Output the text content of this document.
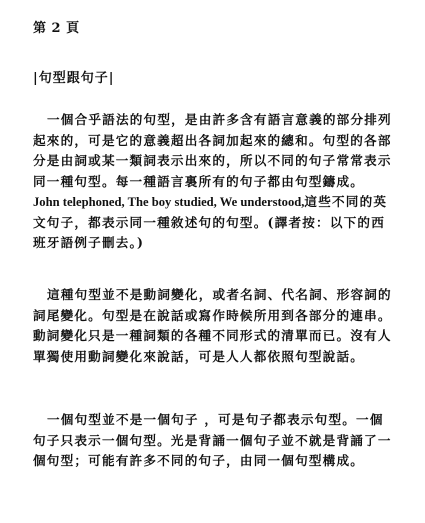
第 2 頁
|句型跟句子|

一個合乎語法的句型，是由許多含有語言意義的部分排列起來的，可是它的意義超出各詞加起來的總和。句型的各部分是由詞或某一類詞表示出來的，所以不同的句子常常表示同一種句型。每一種語言裏所有的句子都由句型鑄成。 John telephoned, The boy studied, We understood,這些不同的英文句子，都表示同一種敘述句的句型。(譯者按：以下的西班牙語例子刪去。)

這種句型並不是動詞變化，或者名詞、代名詞、形容詞的詞尾變化。句型是在說話或寫作時候所用到各部分的連串。動詞變化只是一種詞類的各種不同形式的清單而已。沒有人單獨使用動詞變化來說話，可是人人都依照句型說話。

一個句型並不是一個句子 ，可是句子都表示句型。一個句子只表示一個句型。光是背誦一個句子並不就是背誦了一個句型；可能有許多不同的句子，由同一個句型構成。
